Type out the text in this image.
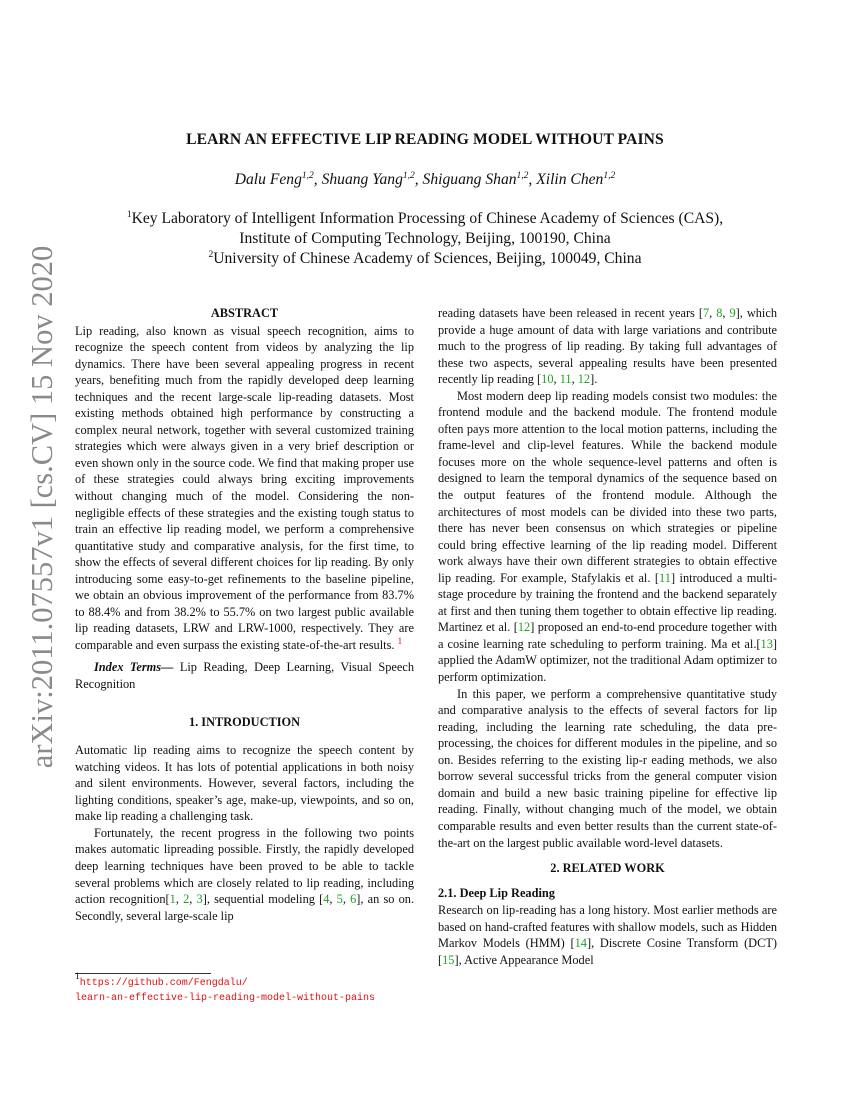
arXiv:2011.07557v1 [cs.CV] 15 Nov 2020
LEARN AN EFFECTIVE LIP READING MODEL WITHOUT PAINS
Dalu Feng$^{1,2}$, Shuang Yang$^{1,2}$, Shiguang Shan$^{1,2}$, Xilin Chen$^{1,2}$
$^1$Key Laboratory of Intelligent Information Processing of Chinese Academy of Sciences (CAS),
Institute of Computing Technology, Beijing, 100190, China
$^2$University of Chinese Academy of Sciences, Beijing, 100049, China
ABSTRACT

Lip reading, also known as visual speech recognition, aims to recognize the speech content from videos by analyzing the lip dynamics. There have been several appealing progress in recent years, benefiting much from the rapidly developed deep learning techniques and the recent large-scale lip-reading datasets. Most existing methods obtained high performance by constructing a complex neural network, together with several customized training strategies which were always given in a very brief description or even shown only in the source code. We find that making proper use of these strategies could always bring exciting improvements without changing much of the model. Considering the non-negligible effects of these strategies and the existing tough status to train an effective lip reading model, we perform a comprehensive quantitative study and comparative analysis, for the first time, to show the effects of several different choices for lip reading. By only introducing some easy-to-get refinements to the baseline pipeline, we obtain an obvious improvement of the performance from 83.7% to 88.4% and from 38.2% to 55.7% on two largest public available lip reading datasets, LRW and LRW-1000, respectively. They are comparable and even surpass the existing state-of-the-art results. $^1$

Index Terms— Lip Reading, Deep Learning, Visual Speech Recognition

1. INTRODUCTION

Automatic lip reading aims to recognize the speech content by watching videos. It has lots of potential applications in both noisy and silent environments. However, several factors, including the lighting conditions, speaker’s age, make-up, viewpoints, and so on, make lip reading a challenging task.

Fortunately, the recent progress in the following two points makes automatic lipreading possible. Firstly, the rapidly developed deep learning techniques have been proved to be able to tackle several problems which are closely related to lip reading, including action recognition[1, 2, 3], sequential modeling [4, 5, 6], an so on. Secondly, several large-scale lip

$^1$https://github.com/Fengdalu/
learn-an-effective-lip-reading-model-without-pains

reading datasets have been released in recent years [7, 8, 9], which provide a huge amount of data with large variations and contribute much to the progress of lip reading. By taking full advantages of these two aspects, several appealing results have been presented recently lip reading [10, 11, 12].

Most modern deep lip reading models consist two modules: the frontend module and the backend module. The frontend module often pays more attention to the local motion patterns, including the frame-level and clip-level features. While the backend module focuses more on the whole sequence-level patterns and often is designed to learn the temporal dynamics of the sequence based on the output features of the frontend module. Although the architectures of most models can be divided into these two parts, there has never been consensus on which strategies or pipeline could bring effective learning of the lip reading model. Different work always have their own different strategies to obtain effective lip reading. For example, Stafylakis et al. [11] introduced a multi-stage procedure by training the frontend and the backend separately at first and then tuning them together to obtain effective lip reading. Martinez et al. [12] proposed an end-to-end procedure together with a cosine learning rate scheduling to perform training. Ma et al.[13] applied the AdamW optimizer, not the traditional Adam optimizer to perform optimization.

In this paper, we perform a comprehensive quantitative study and comparative analysis to the effects of several factors for lip reading, including the learning rate scheduling, the data pre-processing, the choices for different modules in the pipeline, and so on. Besides referring to the existing lip-r eading methods, we also borrow several successful tricks from the general computer vision domain and build a new basic training pipeline for effective lip reading. Finally, without changing much of the model, we obtain comparable results and even better results than the current state-of-the-art on the largest public available word-level datasets.

2. RELATED WORK
2.1. Deep Lip Reading

Research on lip-reading has a long history. Most earlier methods are based on hand-crafted features with shallow models, such as Hidden Markov Models (HMM) [14], Discrete Cosine Transform (DCT) [15], Active Appearance Model
